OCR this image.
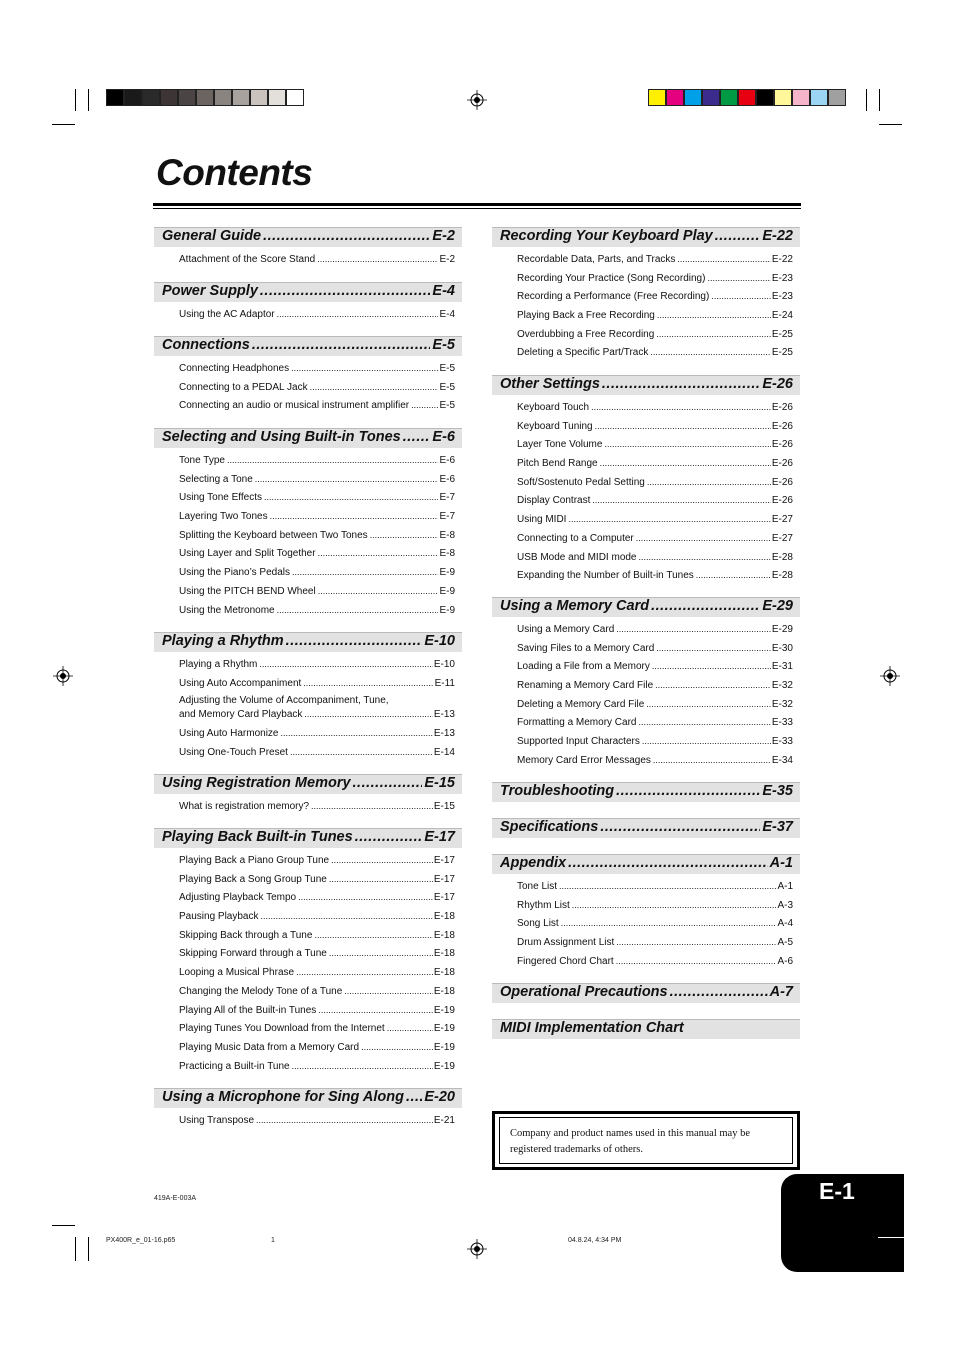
Contents
General Guide .....	E-2
Attachment of the Score Stand .....	E-2
Power Supply .....	E-4
Using the AC Adaptor .....	E-4
Connections .....	E-5
Connecting Headphones .....	E-5
Connecting to a PEDAL Jack .....	E-5
Connecting an audio or musical instrument amplifier .....	E-5
Selecting and Using Built-in Tones ..... E-6
Tone Type .....	E-6
Selecting a Tone .....	E-6
Using Tone Effects .....	E-7
Layering Two Tones .....	E-7
Splitting the Keyboard between Two Tones .....	E-8
Using Layer and Split Together .....	E-8
Using the Piano’s Pedals .....	E-9
Using the PITCH BEND Wheel .....	E-9
Using the Metronome .....	E-9
Playing a Rhythm .....	E-10
Playing a Rhythm .....	E-10
Using Auto Accompaniment .....	E-11
Adjusting the Volume of Accompaniment, Tune,
and Memory Card Playback .....	E-13
Using Auto Harmonize .....	E-13
Using One-Touch Preset .....	E-14
Using Registration Memory .....	E-15
What is registration memory? .....	E-15
Playing Back Built-in Tunes .....	E-17
Playing Back a Piano Group Tune .....	E-17
Playing Back a Song Group Tune .....	E-17
Adjusting Playback Tempo .....	E-17
Pausing Playback .....	E-18
Skipping Back through a Tune .....	E-18
Skipping Forward through a Tune .....	E-18
Looping a Musical Phrase .....	E-18
Changing the Melody Tone of a Tune .....	E-18
Playing All of the Built-in Tunes .....	E-19
Playing Tunes You Download from the Internet .....	E-19
Playing Music Data from a Memory Card .....	E-19
Practicing a Built-in Tune .....	E-19
Using a Microphone for Sing Along ..... E-20
Using Transpose .....	E-21
Recording Your Keyboard Play .....	E-22
Recordable Data, Parts, and Tracks .....	E-22
Recording Your Practice (Song Recording) .....	E-23
Recording a Performance (Free Recording) .....	E-23
Playing Back a Free Recording .....	E-24
Overdubbing a Free Recording .....	E-25
Deleting a Specific Part/Track .....	E-25
Other Settings .....	E-26
Keyboard Touch .....	E-26
Keyboard Tuning .....	E-26
Layer Tone Volume .....	E-26
Pitch Bend Range .....	E-26
Soft/Sostenuto Pedal Setting .....	E-26
Display Contrast .....	E-26
Using MIDI .....	E-27
Connecting to a Computer .....	E-27
USB Mode and MIDI mode .....	E-28
Expanding the Number of Built-in Tunes .....	E-28
Using a Memory Card .....	E-29
Using a Memory Card .....	E-29
Saving Files to a Memory Card .....	E-30
Loading a File from a Memory .....	E-31
Renaming a Memory Card File .....	E-32
Deleting a Memory Card File .....	E-32
Formatting a Memory Card .....	E-33
Supported Input Characters .....	E-33
Memory Card Error Messages .....	E-34
Troubleshooting .....	E-35
Specifications .....	E-37
Appendix .....	A-1
Tone List .....	A-1
Rhythm List .....	A-3
Song List .....	A-4
Drum Assignment List .....	A-5
Fingered Chord Chart .....	A-6
Operational Precautions .....	A-7
MIDI Implementation Chart
Company and product names used in this manual may be registered trademarks of others.
E-1
419A-E-003A
PX400R_e_01-16.p65	1	04.8.24, 4:34 PM
